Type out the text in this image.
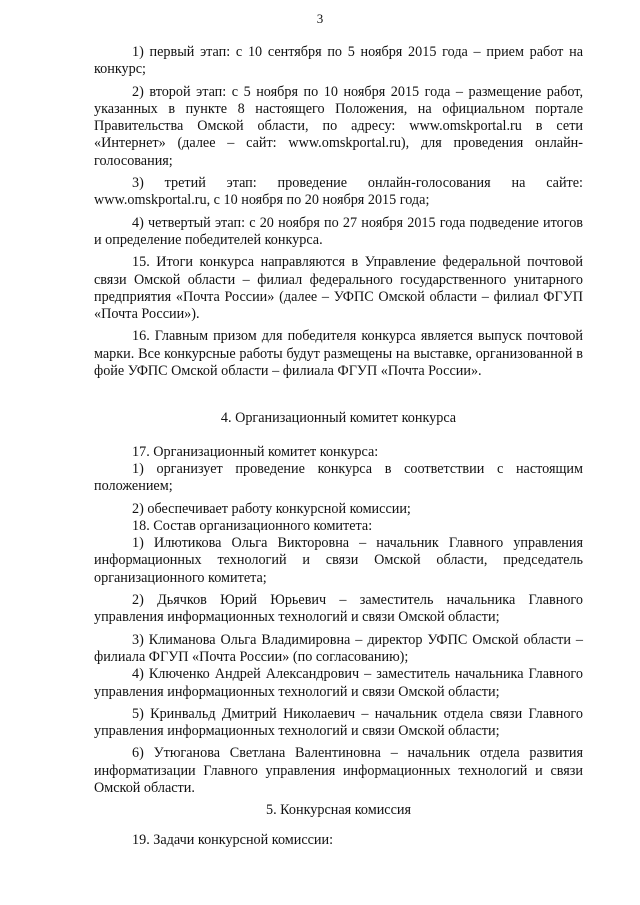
3

1) первый этап: с 10 сентября по 5 ноября 2015 года – прием работ на конкурс;

2) второй этап: с 5 ноября по 10 ноября 2015 года – размещение работ, указанных в пункте 8 настоящего Положения, на официальном портале Правительства Омской области, по адресу: www.omskportal.ru в сети «Интернет» (далее – сайт: www.omskportal.ru), для проведения онлайн-голосования;

3) третий этап: проведение онлайн-голосования на сайте: www.omskportal.ru, с 10 ноября по 20 ноября 2015 года;

4) четвертый этап: с 20 ноября по 27 ноября 2015 года подведение итогов и определение победителей конкурса.

15. Итоги конкурса направляются в Управление федеральной почтовой связи Омской области – филиал федерального государственного унитарного предприятия «Почта России» (далее – УФПС Омской области – филиал ФГУП «Почта России»).

16. Главным призом для победителя конкурса является выпуск почтовой марки. Все конкурсные работы будут размещены на выставке, организованной в фойе УФПС Омской области – филиала ФГУП «Почта России».

4. Организационный комитет конкурса

17. Организационный комитет конкурса:

1) организует проведение конкурса в соответствии с настоящим положением;

2) обеспечивает работу конкурсной комиссии;

18. Состав организационного комитета:

1) Илютикова Ольга Викторовна – начальник Главного управления информационных технологий и связи Омской области, председатель организационного комитета;

2) Дьячков Юрий Юрьевич – заместитель начальника Главного управления информационных технологий и связи Омской области;

3) Климанова Ольга Владимировна – директор УФПС Омской области – филиала ФГУП «Почта России» (по согласованию);

4) Ключенко Андрей Александрович – заместитель начальника Главного управления информационных технологий и связи Омской области;

5) Кринвальд Дмитрий Николаевич – начальник отдела связи Главного управления информационных технологий и связи Омской области;

6) Утюганова Светлана Валентиновна – начальник отдела развития информатизации Главного управления информационных технологий и связи Омской области.

5. Конкурсная комиссия

19. Задачи конкурсной комиссии:
